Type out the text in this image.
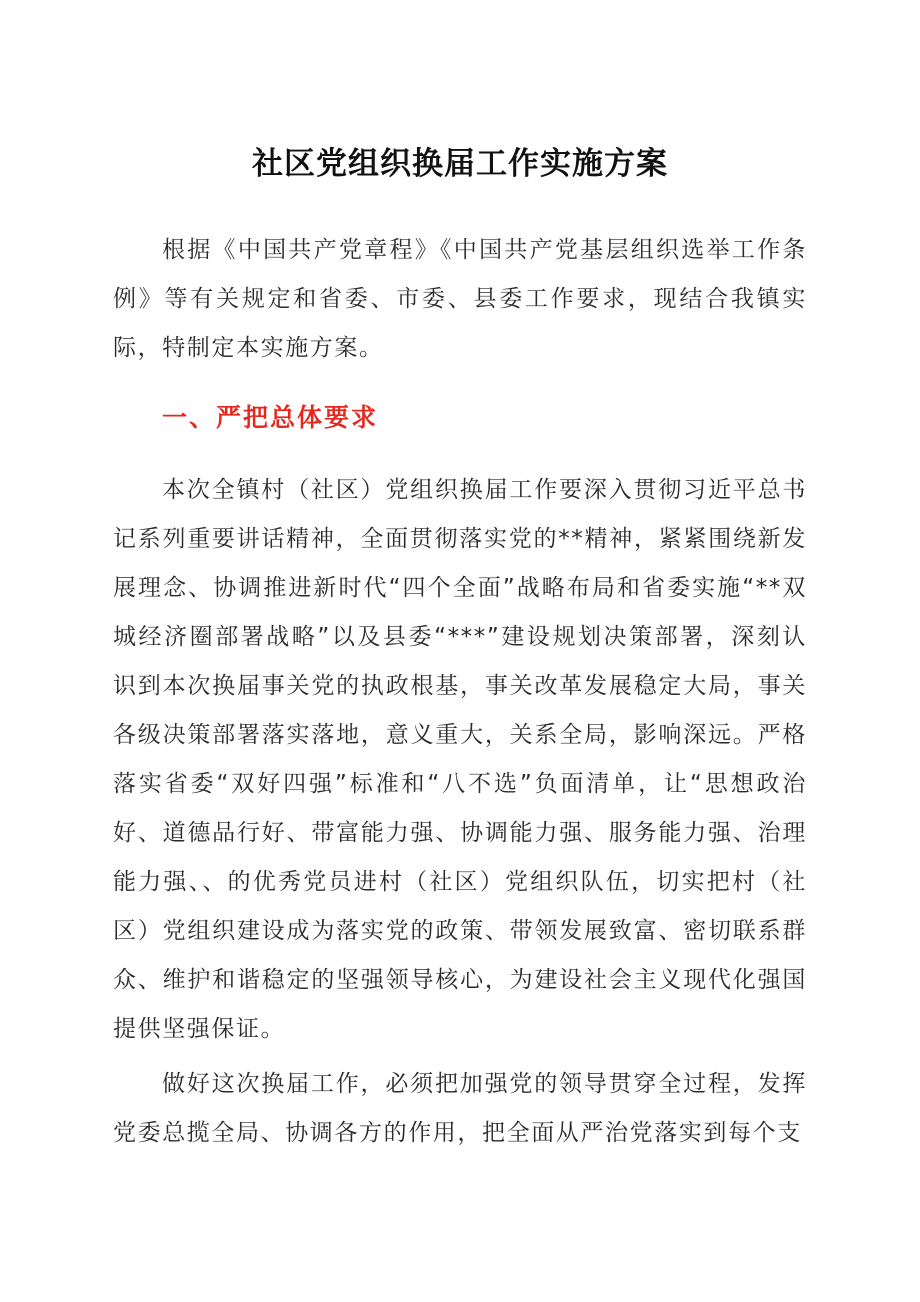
社区党组织换届工作实施方案

根据《中国共产党章程》《中国共产党基层组织选举工作条例》等有关规定和省委、市委、县委工作要求，现结合我镇实际，特制定本实施方案。

一、严把总体要求

本次全镇村（社区）党组织换届工作要深入贯彻习近平总书记系列重要讲话精神，全面贯彻落实党的**精神，紧紧围绕新发展理念、协调推进新时代“四个全面”战略布局和省委实施“**双城经济圈部署战略”以及县委“***”建设规划决策部署，深刻认识到本次换届事关党的执政根基，事关改革发展稳定大局，事关各级决策部署落实落地，意义重大，关系全局，影响深远。严格落实省委“双好四强”标准和“八不选”负面清单，让“思想政治好、道德品行好、带富能力强、协调能力强、服务能力强、治理能力强、、的优秀党员进村（社区）党组织队伍，切实把村（社区）党组织建设成为落实党的政策、带领发展致富、密切联系群众、维护和谐稳定的坚强领导核心，为建设社会主义现代化强国提供坚强保证。

做好这次换届工作，必须把加强党的领导贯穿全过程，发挥党委总揽全局、协调各方的作用，把全面从严治党落实到每个支
